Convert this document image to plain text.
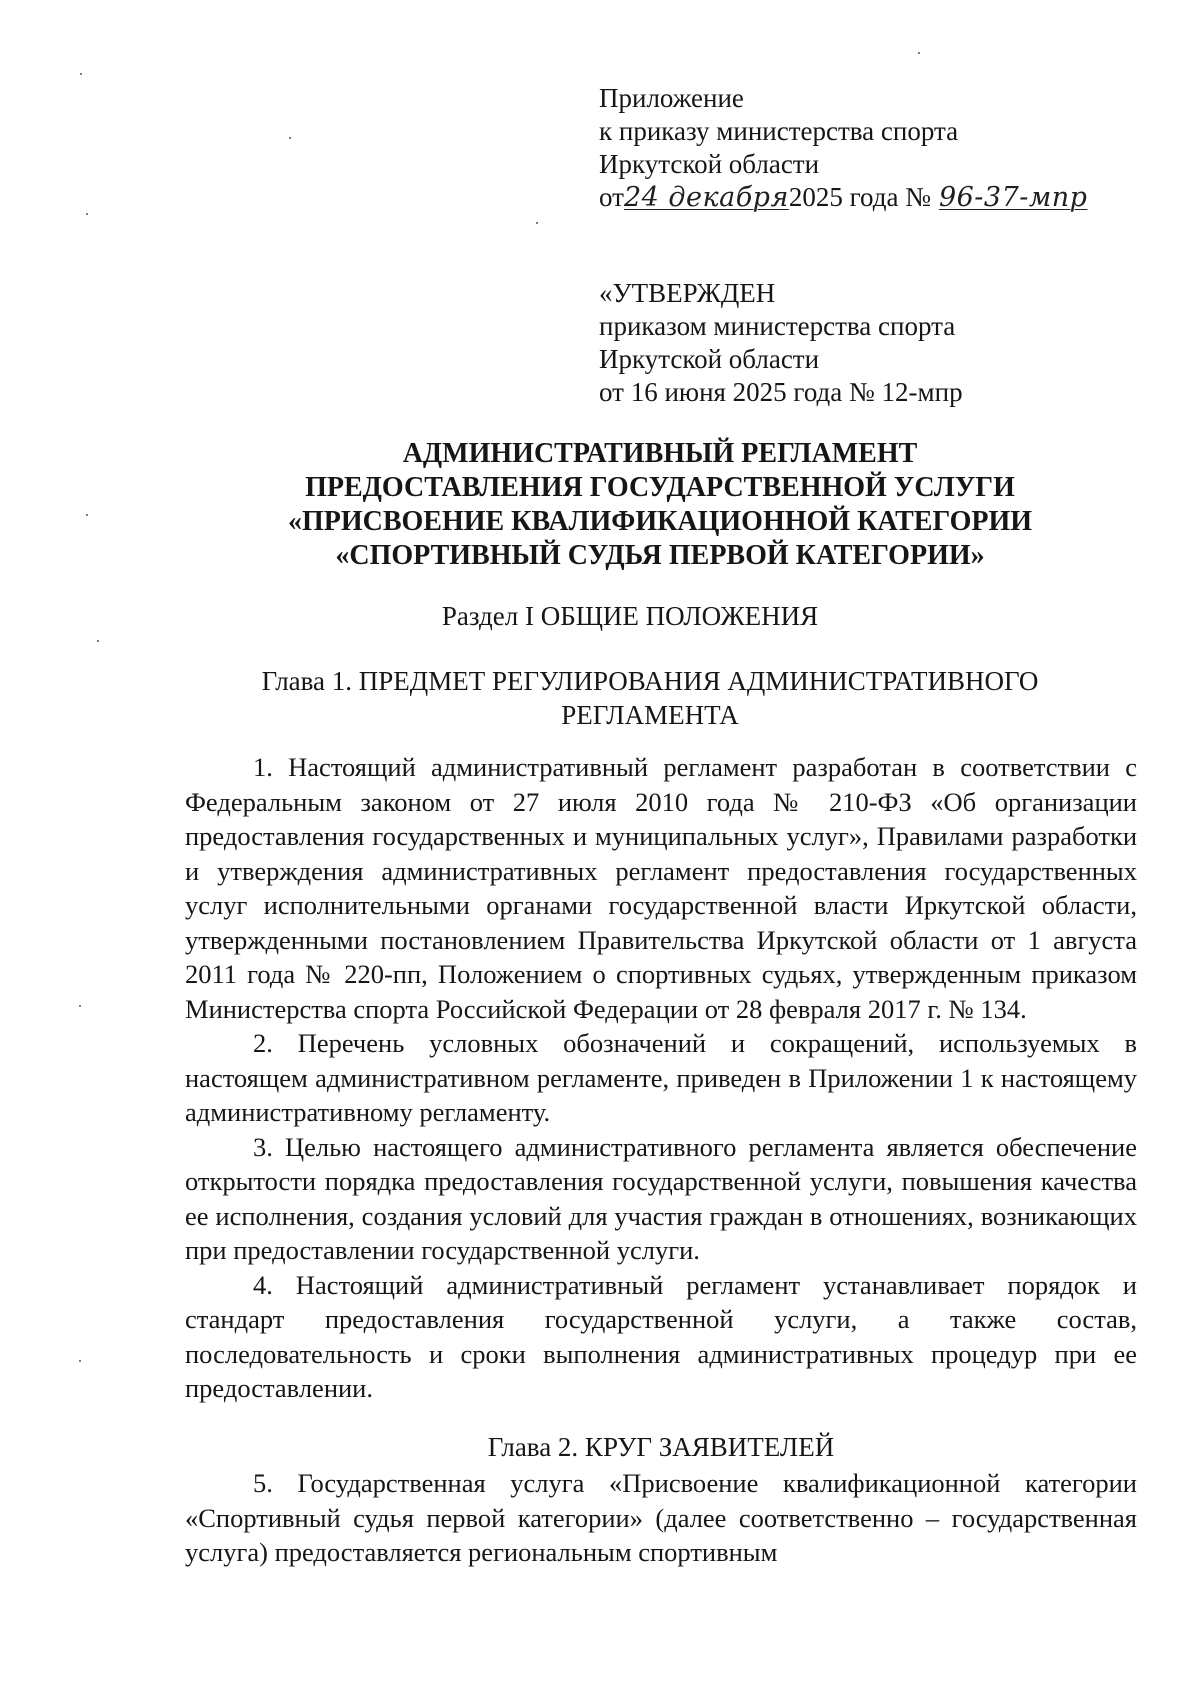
Приложение
к приказу министерства спорта
Иркутской области
от24 декабря2025 года № 96-37-мпр
«УТВЕРЖДЕН
приказом министерства спорта
Иркутской области
от 16 июня 2025 года № 12-мпр
АДМИНИСТРАТИВНЫЙ РЕГЛАМЕНТ
ПРЕДОСТАВЛЕНИЯ ГОСУДАРСТВЕННОЙ УСЛУГИ
«ПРИСВОЕНИЕ КВАЛИФИКАЦИОННОЙ КАТЕГОРИИ
«СПОРТИВНЫЙ СУДЬЯ ПЕРВОЙ КАТЕГОРИИ»
Раздел I ОБЩИЕ ПОЛОЖЕНИЯ
Глава 1. ПРЕДМЕТ РЕГУЛИРОВАНИЯ АДМИНИСТРАТИВНОГО
РЕГЛАМЕНТА

1. Настоящий административный регламент разработан в соответствии с Федеральным законом от 27 июля 2010 года № 210-ФЗ «Об организации предоставления государственных и муниципальных услуг», Правилами разработки и утверждения административных регламент предоставления государственных услуг исполнительными органами государственной власти Иркутской области, утвержденными постановлением Правительства Иркутской области от 1 августа 2011 года № 220-пп, Положением о спортивных судьях, утвержденным приказом Министерства спорта Российской Федерации от 28 февраля 2017 г. № 134.

2. Перечень условных обозначений и сокращений, используемых в настоящем административном регламенте, приведен в Приложении 1 к настоящему административному регламенту.

3. Целью настоящего административного регламента является обеспечение открытости порядка предоставления государственной услуги, повышения качества ее исполнения, создания условий для участия граждан в отношениях, возникающих при предоставлении государственной услуги.

4. Настоящий административный регламент устанавливает порядок и стандарт предоставления государственной услуги, а также состав, последовательность и сроки выполнения административных процедур при ее предоставлении.

Глава 2. КРУГ ЗАЯВИТЕЛЕЙ

5. Государственная услуга «Присвоение квалификационной категории «Спортивный судья первой категории» (далее соответственно – государственная услуга) предоставляется региональным спортивным
